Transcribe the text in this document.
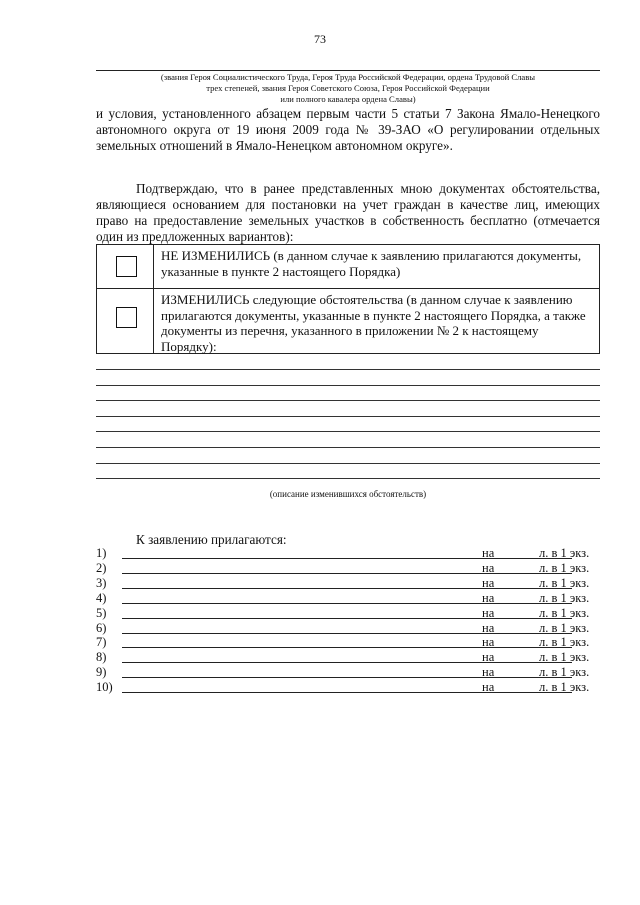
73
(звания Героя Социалистического Труда, Героя Труда Российской Федерации, ордена Трудовой Славы
трех степеней, звания Героя Советского Союза, Героя Российской Федерации
или полного кавалера ордена Славы)
и условия, установленного абзацем первым части 5 статьи 7 Закона Ямало-Ненецкого автономного округа от 19 июня 2009 года № 39-ЗАО «О регулировании отдельных земельных отношений в Ямало-Ненецком автономном округе».
Подтверждаю, что в ранее представленных мною документах обстоятельства, являющиеся основанием для постановки на учет граждан в качестве лиц, имеющих право на предоставление земельных участков в собственность бесплатно (отмечается один из предложенных вариантов):
НЕ ИЗМЕНИЛИСЬ (в данном случае к заявлению прилагаются документы, указанные в пункте 2 настоящего Порядка)
ИЗМЕНИЛИСЬ следующие обстоятельства (в данном случае к заявлению прилагаются документы, указанные в пункте 2 настоящего Порядка, а также документы из перечня, указанного в приложении № 2 к настоящему Порядку):
(описание изменившихся обстоятельств)
К заявлению прилагаются:
1)	на	л. в 1 экз.
2)	на	л. в 1 экз.
3)	на	л. в 1 экз.
4)	на	л. в 1 экз.
5)	на	л. в 1 экз.
6)	на	л. в 1 экз.
7)	на	л. в 1 экз.
8)	на	л. в 1 экз.
9)	на	л. в 1 экз.
10)	на	л. в 1 экз.
